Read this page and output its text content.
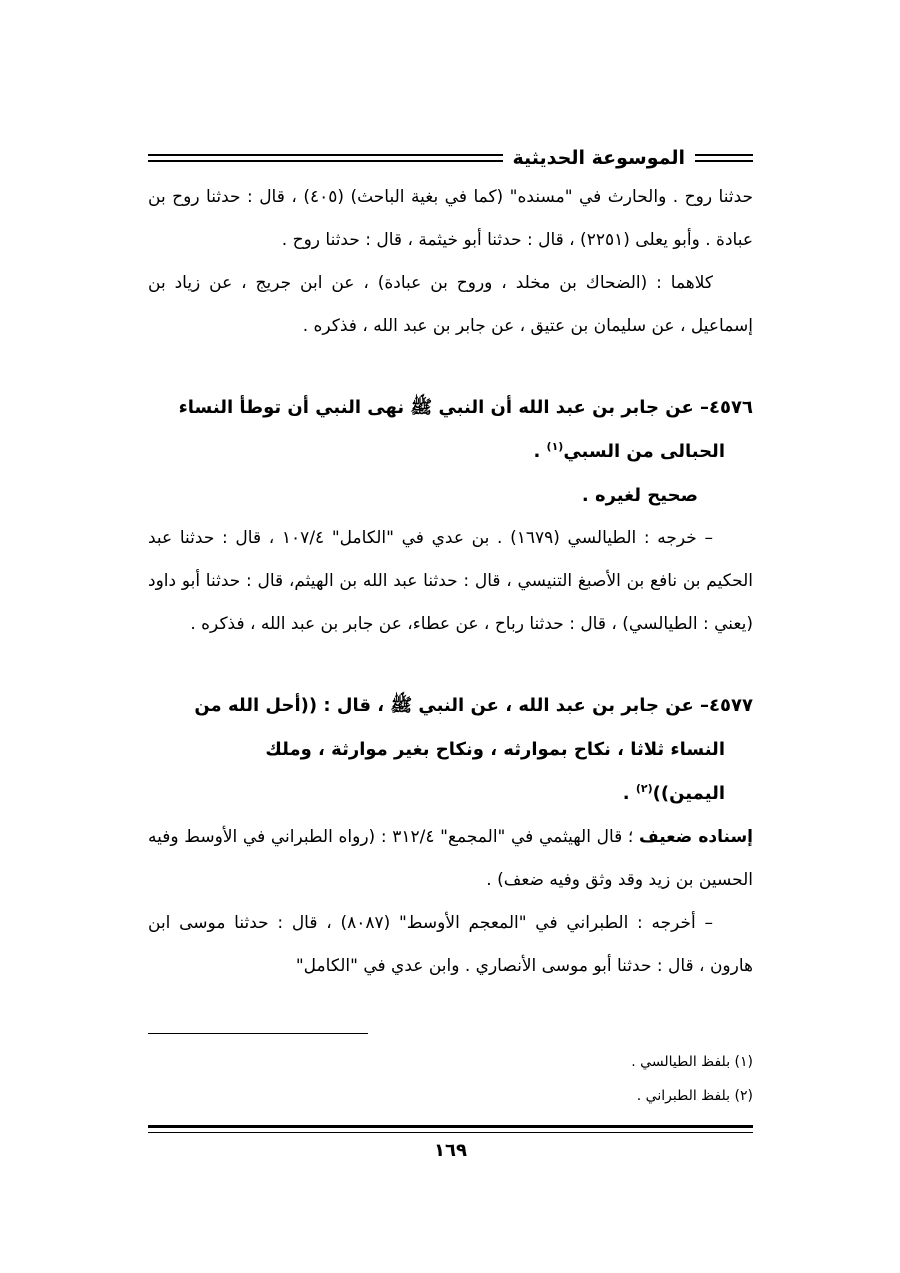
الموسوعة الحديثية

حدثنا روح . والحارث في "مسنده" (كما في بغية الباحث) (٤٠٥) ، قال : حدثنا روح بن عبادة . وأبو يعلى (٢٢٥١) ، قال : حدثنا أبو خيثمة ، قال : حدثنا روح .

كلاهما : (الضحاك بن مخلد ، وروح بن عبادة) ، عن ابن جريج ، عن زياد بن إسماعيل ، عن سليمان بن عتيق ، عن جابر بن عبد الله ، فذكره .

٤٥٧٦– عن جابر بن عبد الله أن النبي ﷺ نهى النبي أن توطأ النساء
الحبالى من السبي$^{(١)}$ .

صحيح لغيره .

– خرجه : الطيالسي (١٦٧٩) . بن عدي في "الكامل" ١٠٧/٤ ، قال : حدثنا عبد الحكيم بن نافع بن الأصبغ التنيسي ، قال : حدثنا عبد الله بن الهيثم، قال : حدثنا أبو داود (يعني : الطيالسي) ، قال : حدثنا رباح ، عن عطاء، عن جابر بن عبد الله ، فذكره .

٤٥٧٧– عن جابر بن عبد الله ، عن النبي ﷺ ، قال : ((أحل الله من
النساء ثلاثا ، نكاح بموارثه ، ونكاح بغير موارثة ، وملك
اليمين))$^{(٢)}$ .

إسناده ضعيف ؛ قال الهيثمي في "المجمع" ٣١٢/٤ : (رواه الطبراني في الأوسط وفيه الحسين بن زيد وقد وثق وفيه ضعف) .

– أخرجه : الطبراني في "المعجم الأوسط" (٨٠٨٧) ، قال : حدثنا موسى ابن هارون ، قال : حدثنا أبو موسى الأنصاري . وابن عدي في "الكامل"

(١) بلفظ الطيالسي .

(٢) بلفظ الطبراني .

١٦٩
